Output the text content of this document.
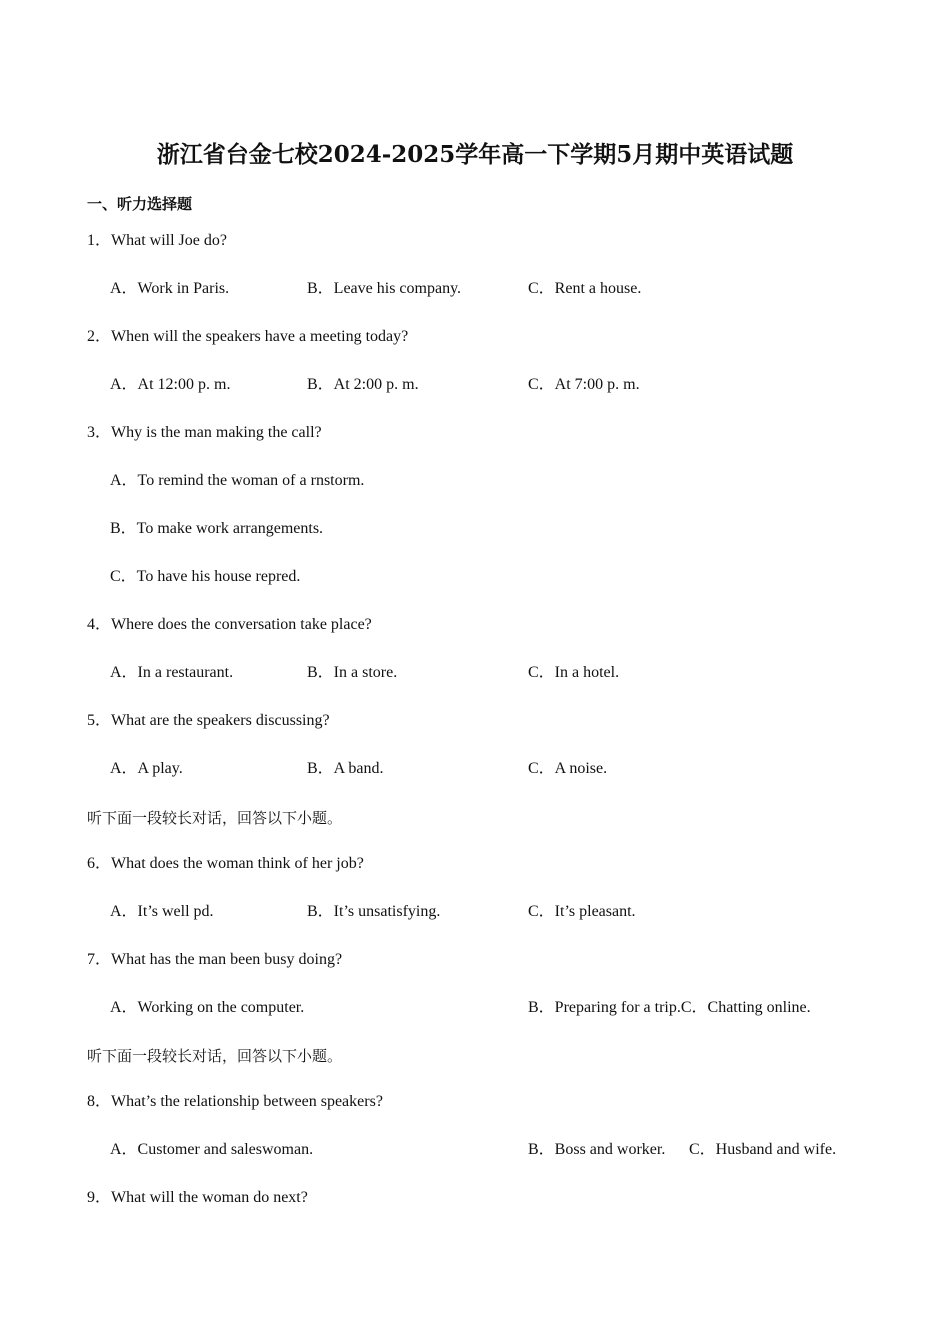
浙江省台金七校2024-2025学年高一下学期5月期中英语试题
一、听力选择题
1．What will Joe do?
A．Work in Paris.	B．Leave his company.	C．Rent a house.
2．When will the speakers have a meeting today?
A．At 12:00 p. m.	B．At 2:00 p. m.	C．At 7:00 p. m.
3．Why is the man making the call?
A．To remind the woman of a rnstorm.
B．To make work arrangements.
C．To have his house repred.
4．Where does the conversation take place?
A．In a restaurant.	B．In a store.	C．In a hotel.
5．What are the speakers discussing?
A．A play.	B．A band.	C．A noise.
听下面一段较长对话，回答以下小题。
6．What does the woman think of her job?
A．It’s well pd.	B．It’s unsatisfying.	C．It’s pleasant.
7．What has the man been busy doing?
A．Working on the computer.	B．Preparing for a trip.C．Chatting online.
听下面一段较长对话，回答以下小题。
8．What’s the relationship between speakers?
A．Customer and saleswoman.	B．Boss and worker. C．Husband and wife.
9．What will the woman do next?
